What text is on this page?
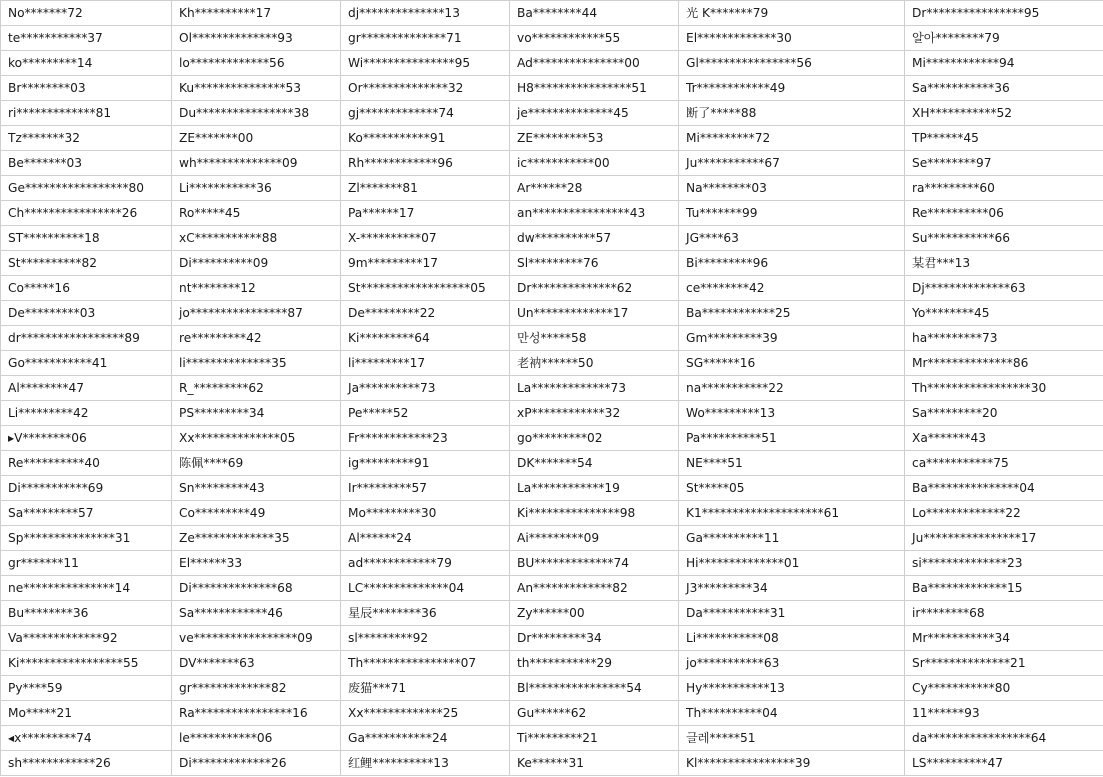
No*******72	Kh**********17	dj**************13	Ba********44	光 K*******79	Dr****************95
te***********37	Ol**************93	gr**************71	vo************55	El*************30	알아********79
ko*********14	lo*************56	Wi***************95	Ad***************00	Gl****************56	Mi************94
Br********03	Ku***************53	Or**************32	H8****************51	Tr************49	Sa***********36
ri*************81	Du****************38	gj*************74	je**************45	断了*****88	XH***********52
Tz*******32	ZE*******00	Ko***********91	ZE*********53	Mi*********72	TP******45
Be*******03	wh**************09	Rh************96	ic***********00	Ju***********67	Se********97
Ge*****************80	Li***********36	Zl*******81	Ar******28	Na********03	ra*********60
Ch****************26	Ro*****45	Pa******17	an****************43	Tu*******99	Re**********06
ST**********18	xC***********88	X-**********07	dw**********57	JG****63	Su***********66
St**********82	Di**********09	9m*********17	Sl*********76	Bi*********96	某君***13
Co*****16	nt********12	St******************05	Dr**************62	ce********42	Dj**************63
De*********03	jo****************87	De*********22	Un*************17	Ba************25	Yo********45
dr*****************89	re*********42	Ki*********64	만성*****58	Gm*********39	ha*********73
Go***********41	li**************35	li*********17	老衲******50	SG******16	Mr**************86
Al********47	R_*********62	Ja**********73	La*************73	na***********22	Th*****************30
Li*********42	PS*********34	Pe*****52	xP************32	Wo*********13	Sa*********20
▸V********06	Xx**************05	Fr************23	go*********02	Pa**********51	Xa*******43
Re**********40	陈佩****69	ig*********91	DK*******54	NE****51	ca***********75
Di***********69	Sn*********43	Ir*********57	La************19	St*****05	Ba***************04
Sa*********57	Co*********49	Mo*********30	Ki***************98	K1********************61	Lo*************22
Sp***************31	Ze*************35	Al******24	Ai*********09	Ga**********11	Ju****************17
gr*******11	El******33	ad************79	BU*************74	Hi**************01	si**************23
ne***************14	Di**************68	LC**************04	An*************82	J3*********34	Ba*************15
Bu********36	Sa************46	星辰********36	Zy******00	Da***********31	ir********68
Va*************92	ve*****************09	sl*********92	Dr*********34	Li***********08	Mr***********34
Ki*****************55	DV*******63	Th****************07	th***********29	jo***********63	Sr**************21
Py****59	gr*************82	废猫***71	Bl****************54	Hy***********13	Cy***********80
Mo*****21	Ra****************16	Xx*************25	Gu******62	Th**********04	11******93
◂x*********74	le***********06	Ga***********24	Ti*********21	글레*****51	da*****************64
sh************26	Di*************26	红鲤**********13	Ke******31	Kl****************39	LS**********47
